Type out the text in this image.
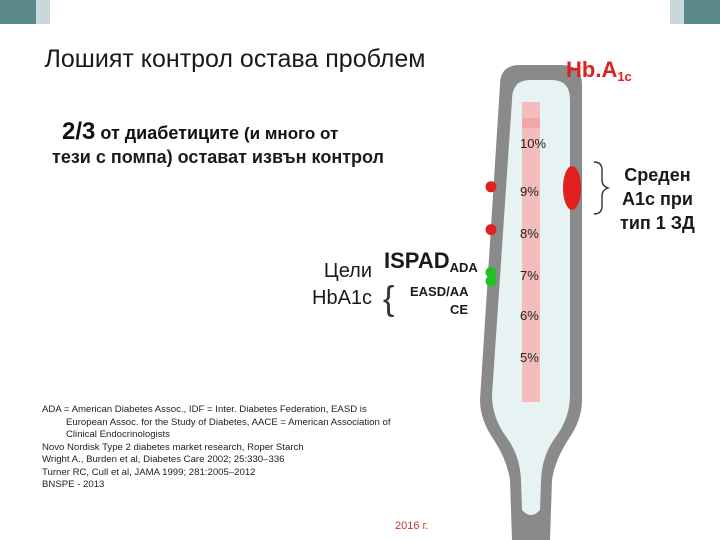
Лошият контрол остава проблем
2/3 от диабетиците (и много от
тези с помпа) остават извън контрол
Цели
HbA1c
$ISPAD_{ADA}$
{ EASD/AA
CE
$Hb.A_{1c}$
10%
9%
8%
7%
6%
5%
Среден
А1с при
тип 1 ЗД
ADA = American Diabetes Assoc., IDF = Inter. Diabetes Federation, EASD is
European Assoc. for the Study of Diabetes, AACE = American Association of
Clinical Endocrinologists
Novo Nordisk Type 2 diabetes market research, Roper Starch
Wright A., Burden et al, Diabetes Care 2002; 25:330–336
Turner RC, Cull et al, JAMA 1999; 281:2005–2012
BNSPE - 2013
2016 г.
